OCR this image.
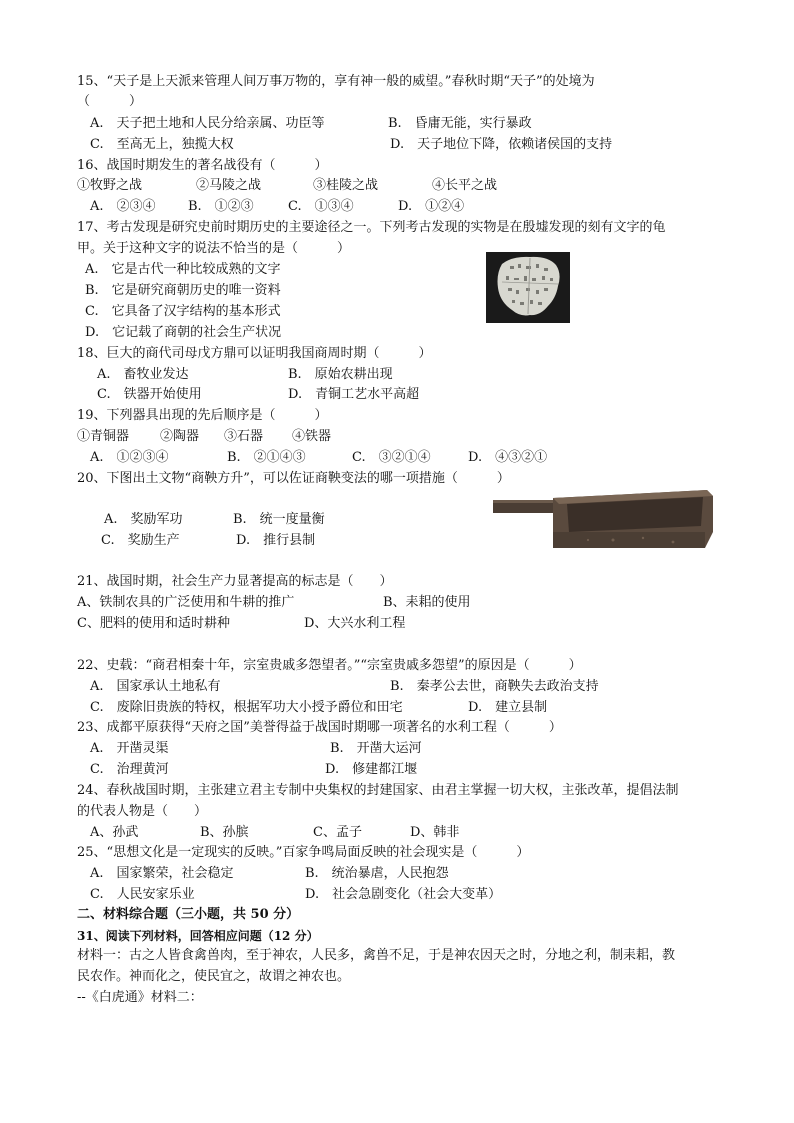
15、“天子是上天派来管理人间万事万物的，享有神一般的威望。”春秋时期“天子”的处境为
（　　　）
A.　天子把土地和人民分给亲属、功臣等	B.　昏庸无能，实行暴政
C.　至高无上，独揽大权	D.　天子地位下降，依赖诸侯国的支持
16、战国时期发生的著名战役有（　　　）
①牧野之战	②马陵之战	③桂陵之战	④长平之战
A.　②③④ B.　①②③	C.　①③④	D.　①②④
17、考古发现是研究史前时期历史的主要途径之一。下列考古发现的实物是在殷墟发现的刻有文字的龟
甲。关于这种文字的说法不恰当的是（　　　）
A.　它是古代一种比较成熟的文字
B.　它是研究商朝历史的唯一资料
C.　它具备了汉字结构的基本形式
D.　它记载了商朝的社会生产状况
18、巨大的商代司母戊方鼎可以证明我国商周时期（　　　）
A.　畜牧业发达	B.　原始农耕出现
C.　铁器开始使用	D.　青铜工艺水平高超
19、下列器具出现的先后顺序是（　　　）
①青铜器 ②陶器 ③石器 ④铁器
A.　①②③④	B.　②①④③	C.　③②①④	D.　④③②①
20、下图出土文物“商鞅方升”，可以佐证商鞅变法的哪一项措施（　　　）
A.　奖励军功	B.　统一度量衡
C.　奖励生产	D.　推行县制
21、战国时期，社会生产力显著提高的标志是（　　）
A、铁制农具的广泛使用和牛耕的推广	B、耒耜的使用
C、肥料的使用和适时耕种	D、大兴水利工程
22、史载：“商君相秦十年，宗室贵戚多怨望者。”“宗室贵戚多怨望”的原因是（　　　）
A.　国家承认土地私有	B.　秦孝公去世，商鞅失去政治支持
C.　废除旧贵族的特权，根据军功大小授予爵位和田宅	D.　建立县制
23、成都平原获得“天府之国”美誉得益于战国时期哪一项著名的水利工程（　　　）
A.　开凿灵渠	B.　开凿大运河
C.　治理黄河	D.　修建都江堰
24、春秋战国时期，主张建立君主专制中央集权的封建国家、由君主掌握一切大权，主张改革，提倡法制
的代表人物是（　　）
A、孙武	B、孙膑	C、孟子	D、韩非
25、“思想文化是一定现实的反映。”百家争鸣局面反映的社会现实是（　　　）
A.　国家繁荣，社会稳定	B.　统治暴虐，人民抱怨
C.　人民安家乐业	D.　社会急剧变化（社会大变革）
二、材料综合题（三小题，共 50 分）
31、阅读下列材料，回答相应问题（12 分）
材料一：古之人皆食禽兽肉，至于神农，人民多，禽兽不足，于是神农因天之时，分地之利，制耒耜，教
民农作。神而化之，使民宜之，故谓之神农也。
--《白虎通》材料二：
